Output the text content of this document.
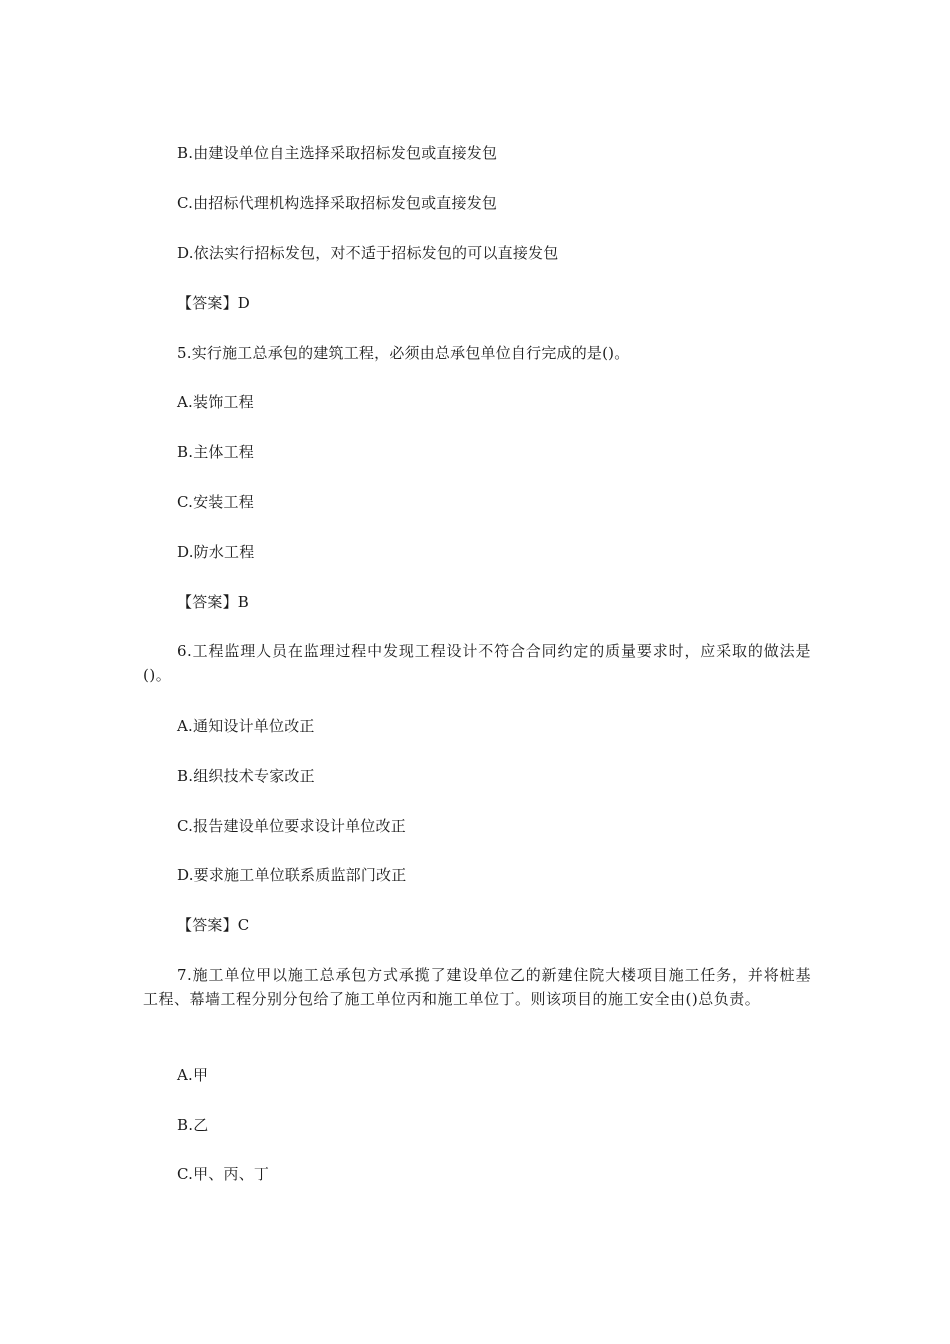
B.由建设单位自主选择采取招标发包或直接发包
C.由招标代理机构选择采取招标发包或直接发包
D.依法实行招标发包，对不适于招标发包的可以直接发包
【答案】D
5.实行施工总承包的建筑工程，必须由总承包单位自行完成的是()。
A.装饰工程
B.主体工程
C.安装工程
D.防水工程
【答案】B
6.工程监理人员在监理过程中发现工程设计不符合合同约定的质量要求时，应采取的做法是()。
A.通知设计单位改正
B.组织技术专家改正
C.报告建设单位要求设计单位改正
D.要求施工单位联系质监部门改正
【答案】C
7.施工单位甲以施工总承包方式承揽了建设单位乙的新建住院大楼项目施工任务，并将桩基工程、幕墙工程分别分包给了施工单位丙和施工单位丁。则该项目的施工安全由()总负责。
A.甲
B.乙
C.甲、丙、丁
